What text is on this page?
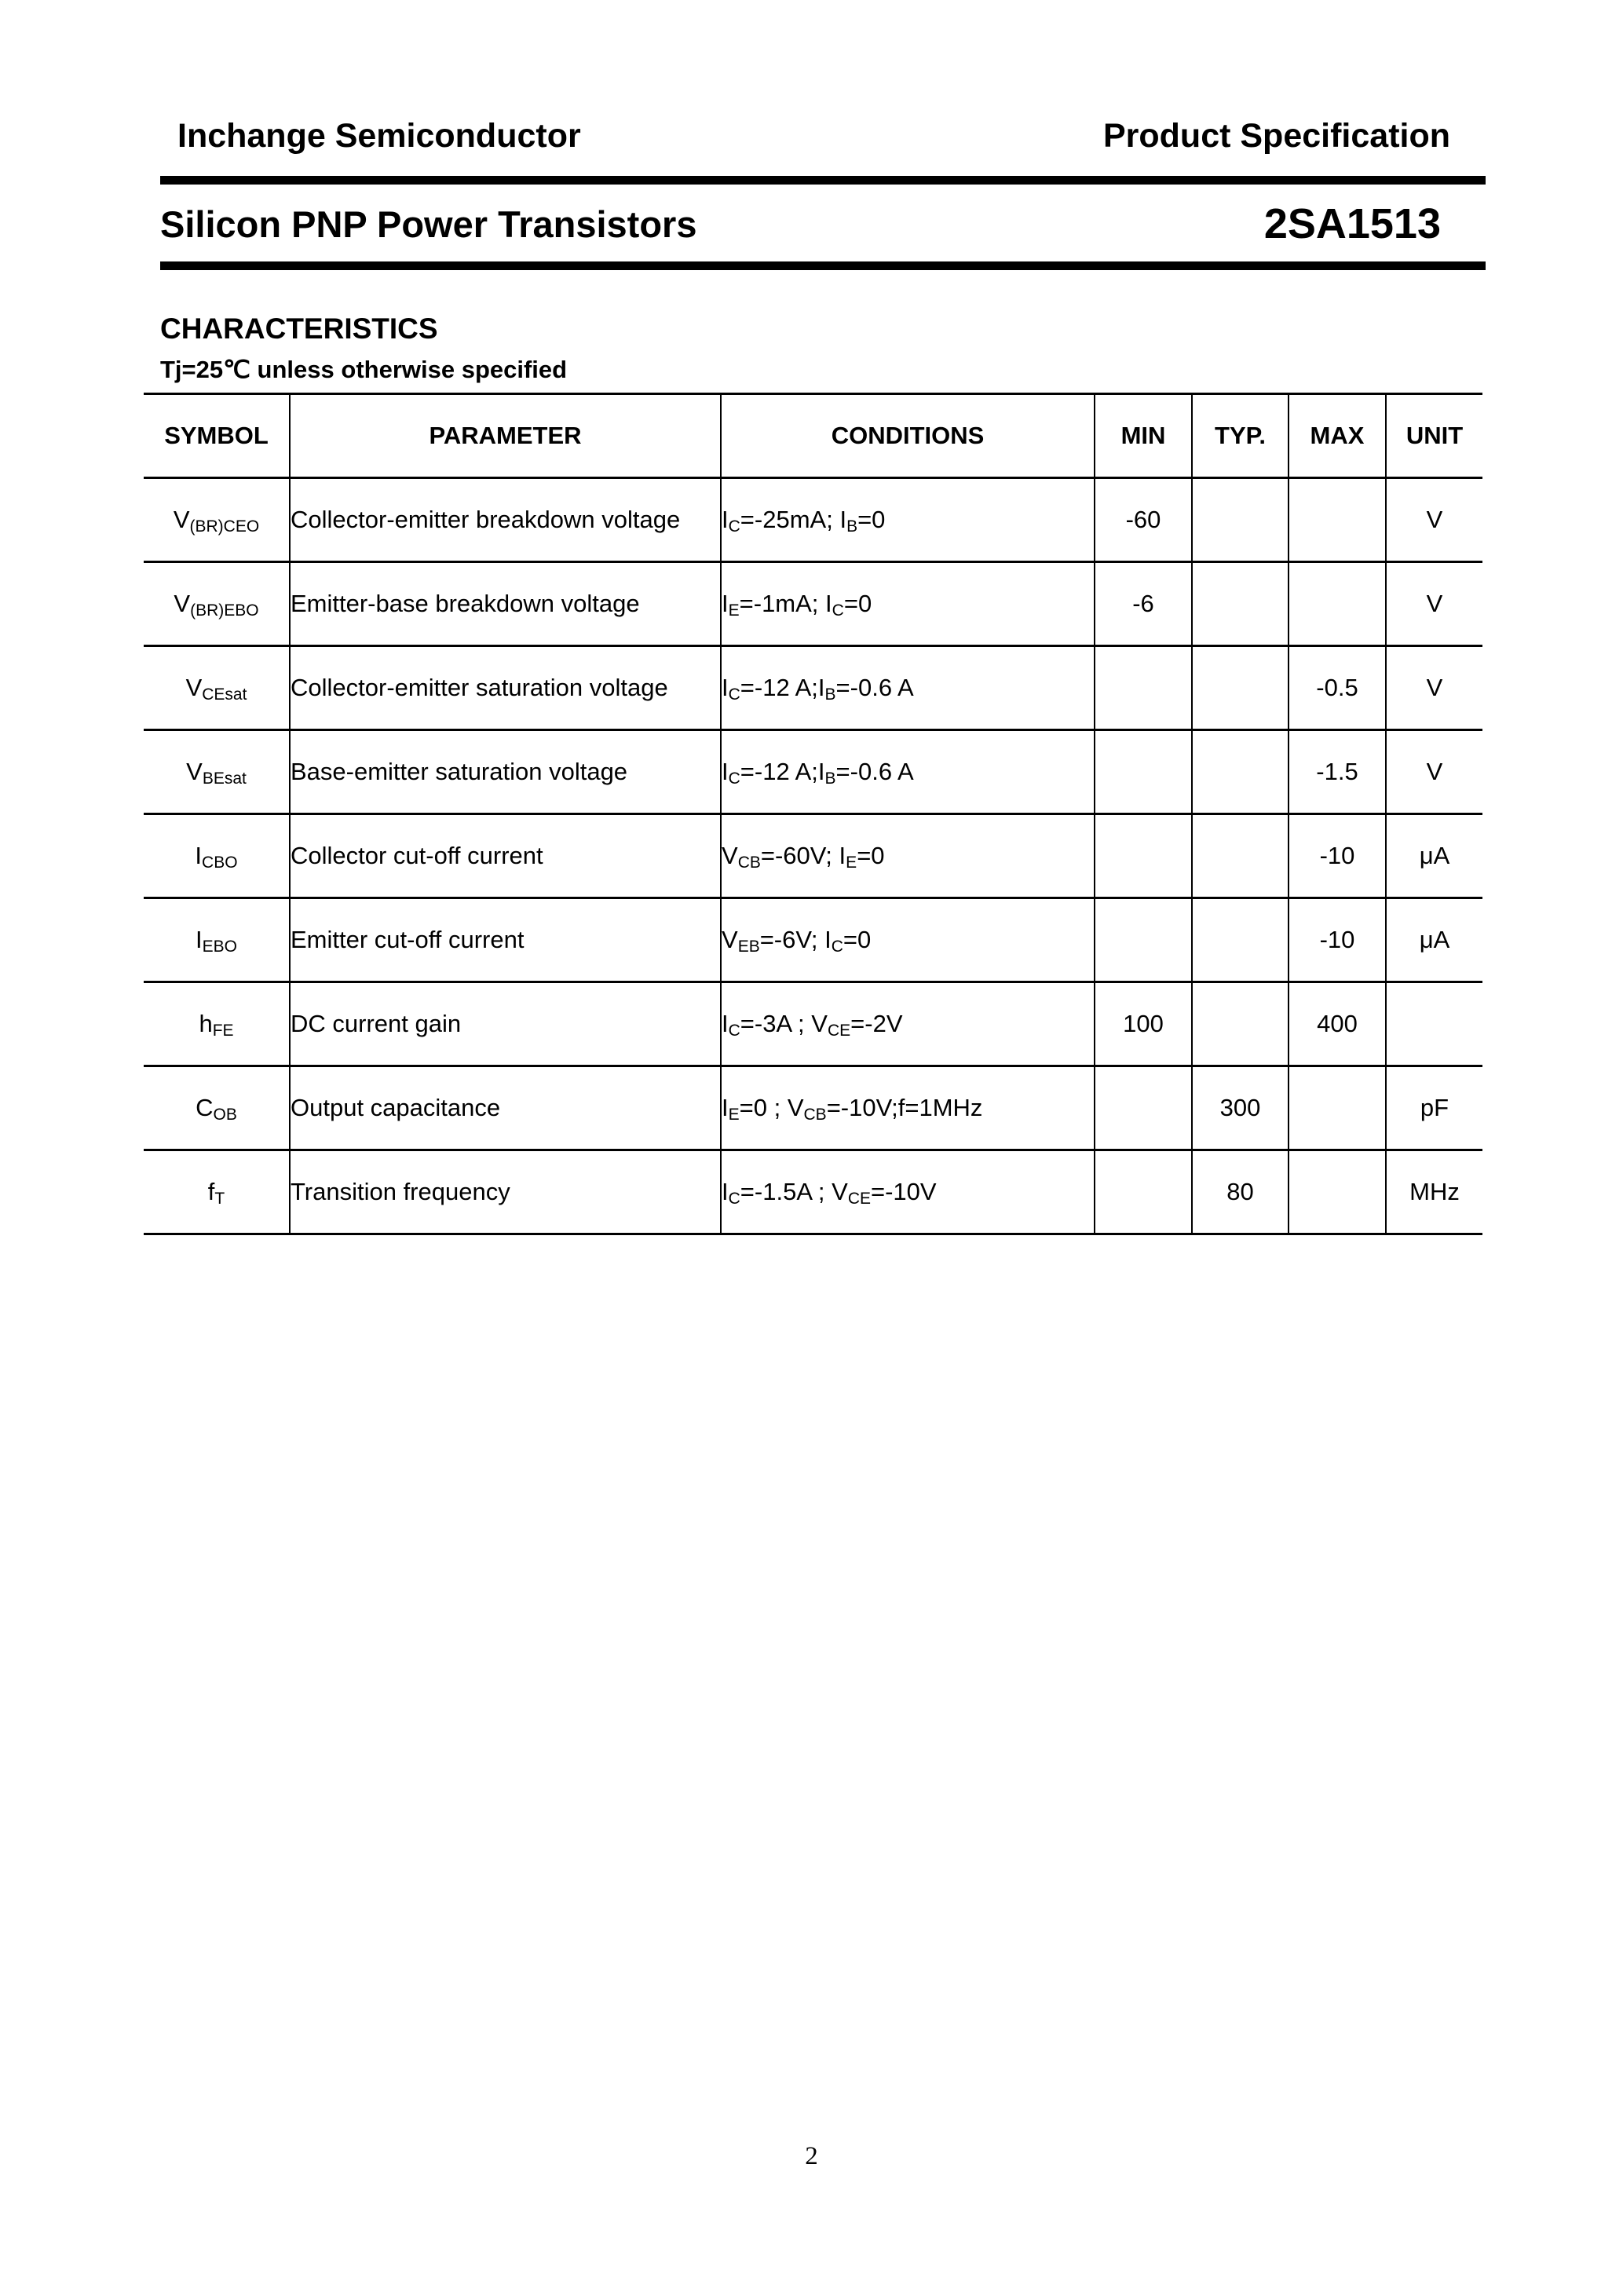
Inchange Semiconductor	Product Specification
Silicon PNP Power Transistors	2SA1513
CHARACTERISTICS
Tj=25℃ unless otherwise specified
SYMBOL	PARAMETER	CONDITIONS	MIN	TYP.	MAX	UNIT
$V_{(BR)CEO}$	Collector-emitter breakdown voltage	$I_C=-25mA$; $I_B=0$	-60			V
$V_{(BR)EBO}$	Emitter-base breakdown voltage	$I_E=-1mA$; $I_C=0$	-6			V
$V_{CEsat}$	Collector-emitter saturation voltage	$I_C=-12$ $A;I_B=-0.6$ A			-0.5	V
$V_{BEsat}$	Base-emitter saturation voltage	$I_C=-12$ $A;I_B=-0.6$ A			-1.5	V
$I_{CBO}$	Collector cut-off current	$V_{CB}=-60V$; $I_E=0$			-10	μA
$I_{EBO}$	Emitter cut-off current	$V_{EB}=-6V$; $I_C=0$			-10	μA
$h_{FE}$	DC current gain	$I_C=-3A$ ; $V_{CE}=-2V$	100		400	
$C_{OB}$	Output capacitance	$I_E=0$ ; $V_{CB}=-10V;f=1MHz$		300		pF
$f_T$	Transition frequency	$I_C=-1.5A$ ; $V_{CE}=-10V$		80		MHz
2
